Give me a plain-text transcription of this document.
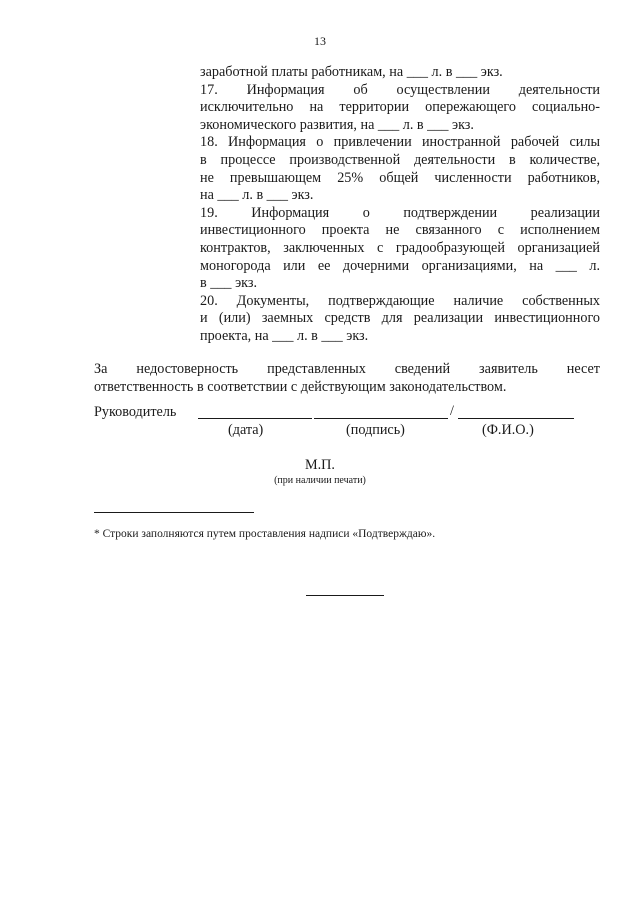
13
заработной платы работникам, на ___ л. в ___ экз.
17. Информация об осуществлении деятельности
исключительно на территории опережающего социально-
экономического развития, на ___ л. в ___ экз.
18. Информация о привлечении иностранной рабочей силы
в процессе производственной деятельности в количестве,
не превышающем 25% общей численности работников,
на ___ л. в ___ экз.
19. Информация о подтверждении реализации
инвестиционного проекта не связанного с исполнением
контрактов, заключенных с градообразующей организацией
моногорода или ее дочерними организациями, на ___ л.
в ___ экз.
20. Документы, подтверждающие наличие собственных
и (или) заемных средств для реализации инвестиционного
проекта, на ___ л. в ___ экз.
За недостоверность представленных сведений заявитель несет
ответственность в соответствии с действующим законодательством.
Руководитель	/
(дата)	(подпись)	(Ф.И.О.)
М.П.
(при наличии печати)
* Строки заполняются путем проставления надписи «Подтверждаю».
